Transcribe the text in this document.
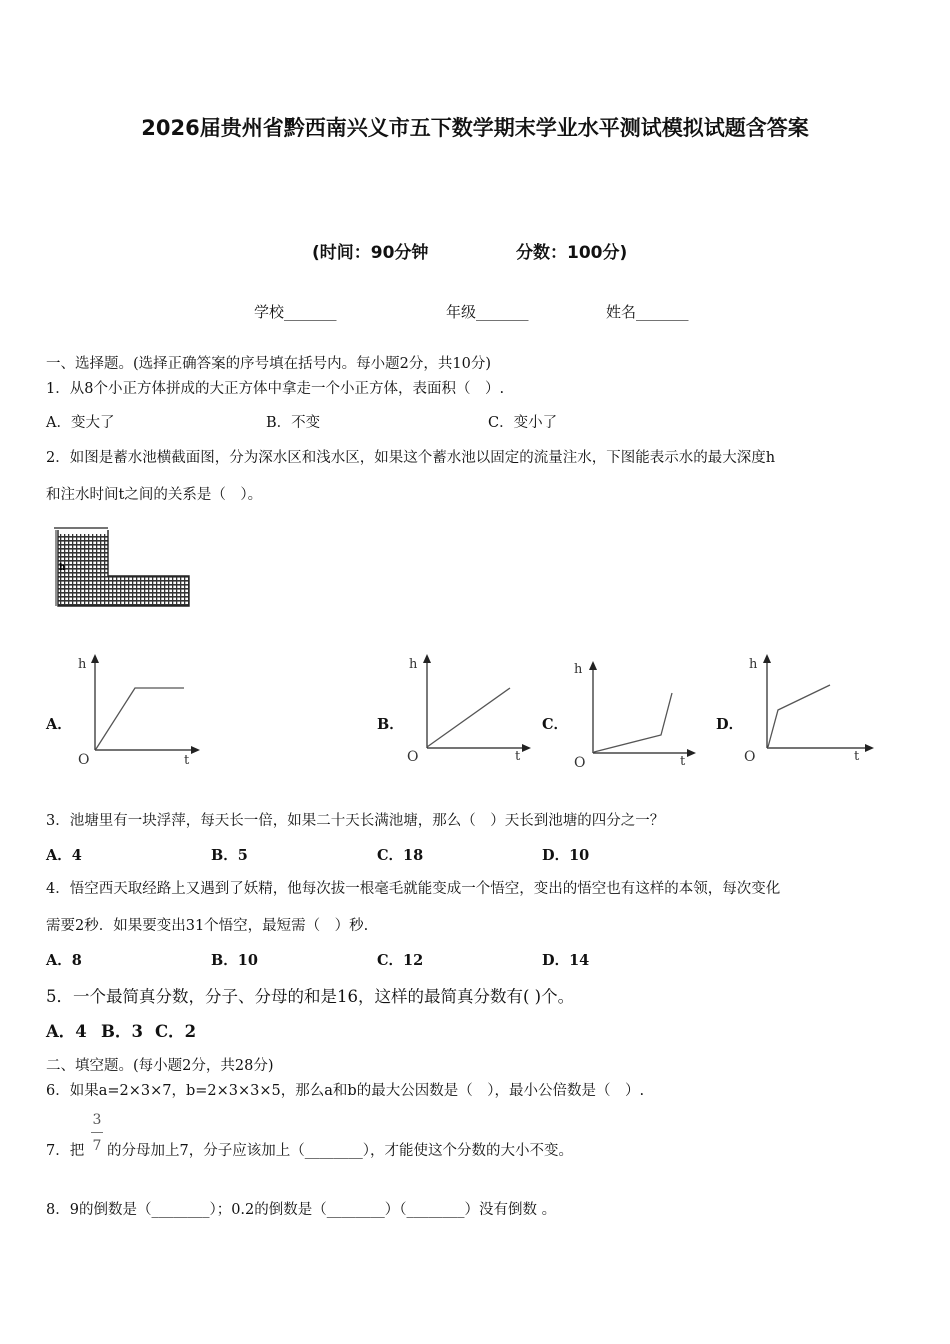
2026届贵州省黔西南兴义市五下数学期末学业水平测试模拟试题含答案
(时间：90分钟	分数：100分)
学校_______	年级_______	姓名_______
一、选择题。(选择正确答案的序号填在括号内。每小题2分，共10分)
1．从8个小正方体拼成的大正方体中拿走一个小正方体，表面积（　）.
A．变大了	B．不变	C．变小了
2．如图是蓄水池横截面图，分为深水区和浅水区，如果这个蓄水池以固定的流量注水，下图能表示水的最大深度h
和注水时间t之间的关系是（　）。
h
A．
h
t
O
B．
h
t
O
C．
h
t
O
D．
h
t
O
3．池塘里有一块浮萍，每天长一倍，如果二十天长满池塘，那么（　）天长到池塘的四分之一？
A．4	B．5	C．18	D．10
4．悟空西天取经路上又遇到了妖精，他每次拔一根毫毛就能变成一个悟空，变出的悟空也有这样的本领，每次变化
需要2秒．如果要变出31个悟空，最短需（　）秒.
A．8	B．10	C．12	D．14
5．一个最简真分数，分子、分母的和是16，这样的最简真分数有( )个。
A．4 B．3 C．2
二、填空题。(每小题2分，共28分)
6．如果a=2×3×7，b=2×3×3×5，那么a和b的最大公因数是（　），最小公倍数是（　）.
7．把
3
7 的分母加上7，分子应该加上（________），才能使这个分数的大小不变。
8．9的倒数是（________）；0.2的倒数是（________）（________）没有倒数 。
